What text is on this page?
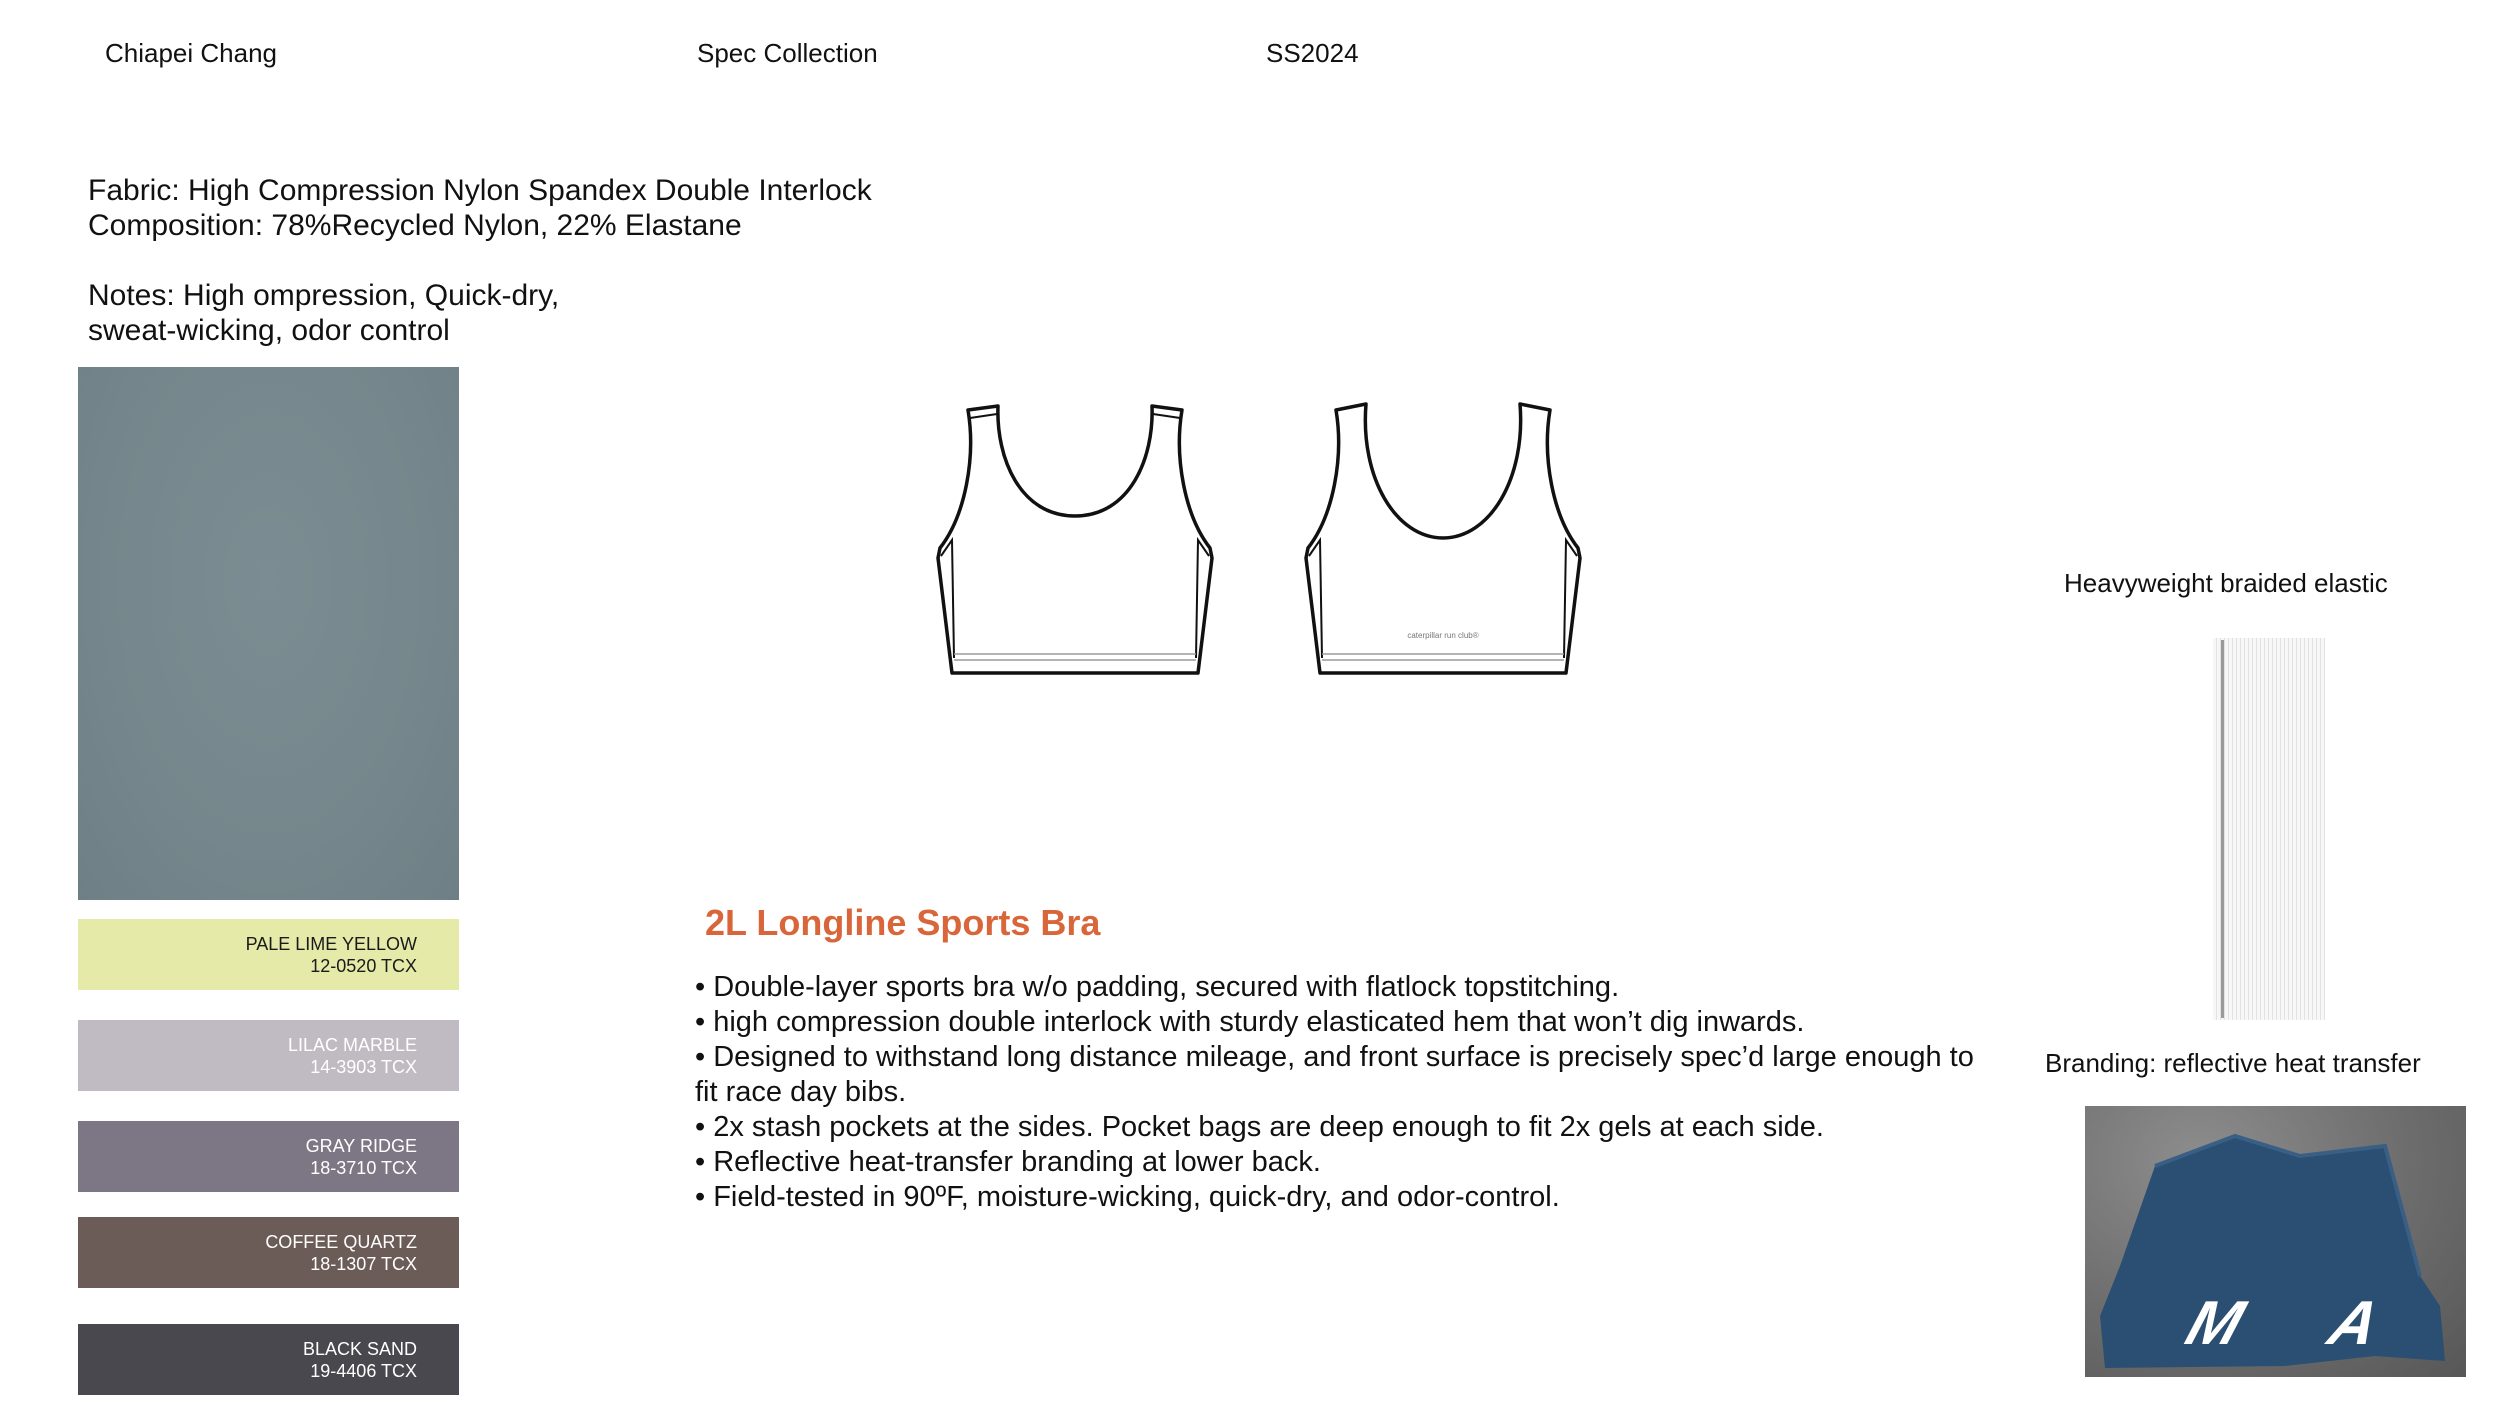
Chiapei Chang	Spec Collection	SS2024
Fabric: High Compression Nylon Spandex Double Interlock
Composition: 78%Recycled Nylon, 22% Elastane
Notes: High ompression, Quick-dry,
sweat-wicking, odor control
PALE LIME YELLOW
12-0520 TCX
LILAC MARBLE
14-3903 TCX
GRAY RIDGE
18-3710 TCX
COFFEE QUARTZ
18-1307 TCX
BLACK SAND
19-4406 TCX
caterpillar run club®
2L Longline Sports Bra
• Double-layer sports bra w/o padding, secured with flatlock topstitching.
• high compression double interlock with sturdy elasticated hem that won’t dig inwards.
• Designed to withstand long distance mileage, and front surface is precisely spec’d large enough to fit race day bibs.
• 2x stash pockets at the sides. Pocket bags are deep enough to fit 2x gels at each side.
• Reflective heat-transfer branding at lower back.
• Field-tested in 90ºF, moisture-wicking, quick-dry, and odor-control.
Heavyweight braided elastic
Branding: reflective heat transfer
M A
